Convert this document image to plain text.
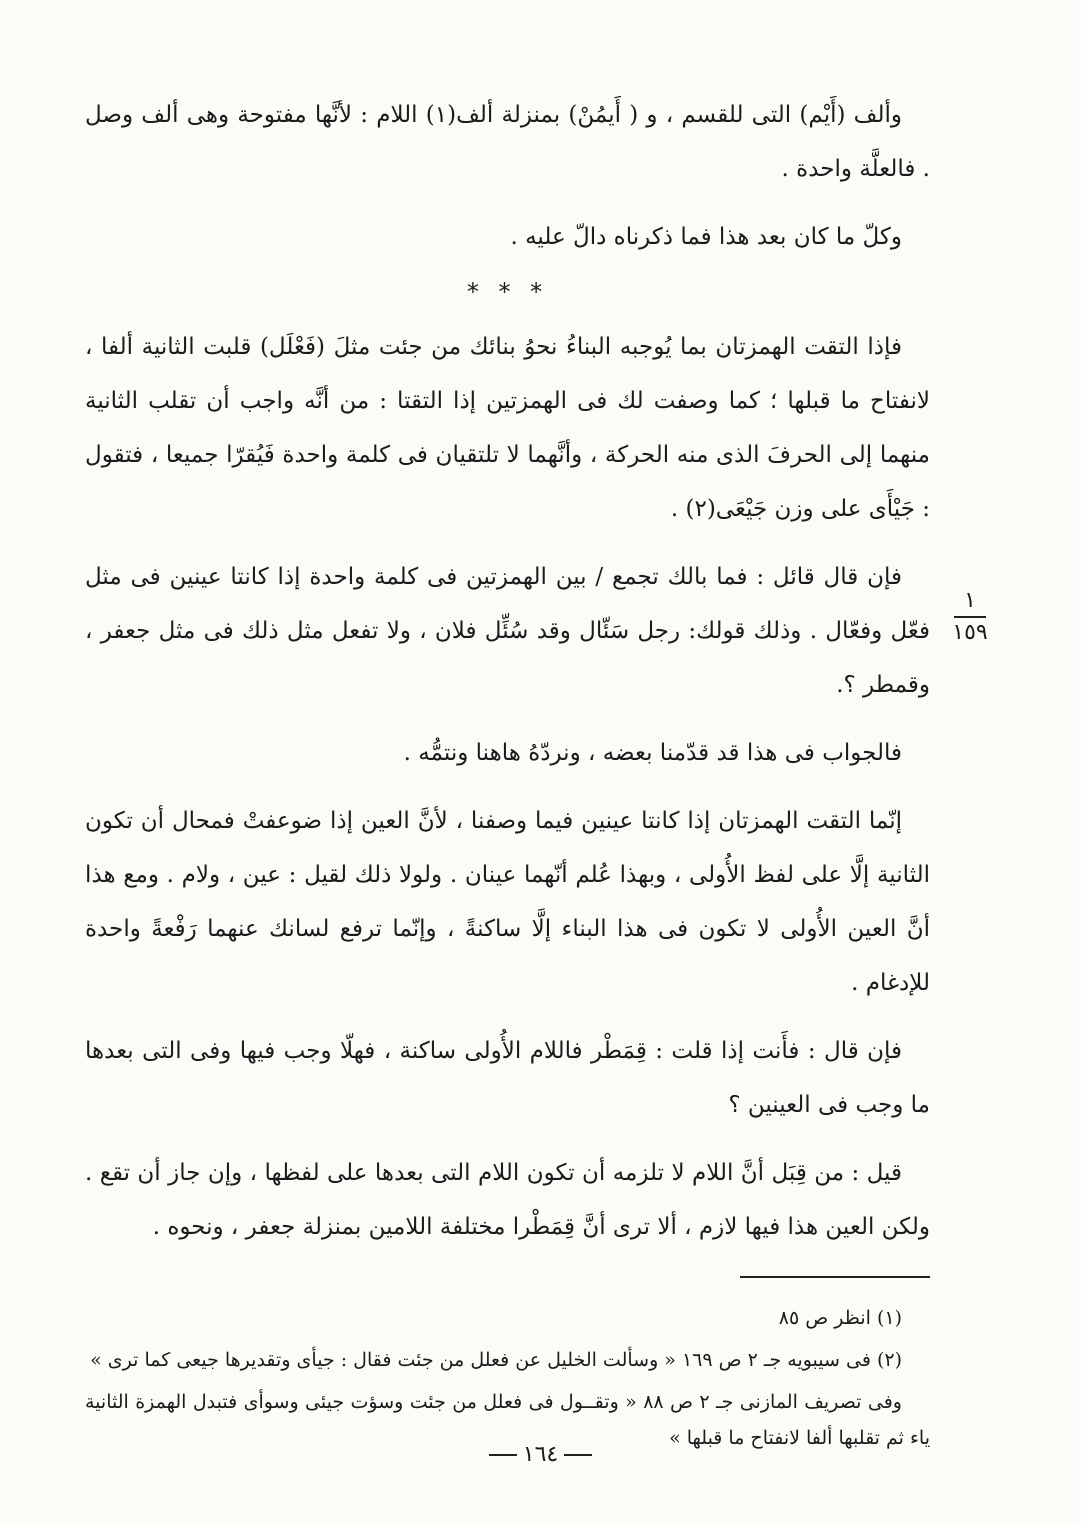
وألف (أَيْم) التى للقسم ، و ( أَيمُنْ) بمنزلة ألف(١) اللام : لأنَّها مفتوحة وهى ألف وصل . فالعلَّة واحدة .

وكلّ ما كان بعد هذا فما ذكرناه دالّ عليه .

* * *

فإذا التقت الهمزتان بما يُوجبه البناءُ نحوُ بنائك من جئت مثلَ (فَعْلَل) قلبت الثانية ألفا ، لانفتاح ما قبلها ؛ كما وصفت لك فى الهمزتين إذا التقتا : من أنَّه واجب أن تقلب الثانية منهما إلى الحرفَ الذى منه الحركة ، وأنَّهما لا تلتقيان فى كلمة واحدة فَيُقرّا جميعا ، فتقول : جَيْأَى على وزن جَيْعَى(٢) .

فإن قال قائل : فما بالك تجمع / بين الهمزتين فى كلمة واحدة إذا كانتا عينين فى مثل فعّل وفعّال . وذلك قولك: رجل سَئّال وقد سُئِّل فلان ، ولا تفعل مثل ذلك فى مثل جعفر ، وقمطر ؟.

فالجواب فى هذا قد قدّمنا بعضه ، ونردّهُ هاهنا ونتمُّه .

إنّما التقت الهمزتان إذا كانتا عينين فيما وصفنا ، لأنَّ العين إذا ضوعفتْ فمحال أن تكون الثانية إلَّا على لفظ الأُولى ، وبهذا عُلم أنّهما عينان . ولولا ذلك لقيل : عين ، ولام . ومع هذا أنَّ العين الأُولى لا تكون فى هذا البناء إلَّا ساكنةً ، وإنّما ترفع لسانك عنهما رَفْعةً واحدة للإدغام .

فإن قال : فأَنت إذا قلت : قِمَطْر فاللام الأُولى ساكنة ، فهلّا وجب فيها وفى التى بعدها ما وجب فى العينين ؟

قيل : من قِبَل أنَّ اللام لا تلزمه أن تكون اللام التى بعدها على لفظها ، وإن جاز أن تقع . ولكن العين هذا فيها لازم ، ألا ترى أنَّ قِمَطْرا مختلفة اللامين بمنزلة جعفر ، ونحوه .

(١) انظر ص ٨٥

(٢) فى سيبويه جـ ٢ ص ١٦٩ « وسألت الخليل عن فعلل من جئت فقال : جيأى وتقديرها جيعى كما ترى »

وفى تصريف المازنى جـ ٢ ص ٨٨ « وتقــول فى فعلل من جئت وسؤت جيئى وسوأى فتبدل الهمزة الثانية ياء ثم تقلبها ألفا لانفتاح ما قبلها »

١
١٥٩
١٦٤
